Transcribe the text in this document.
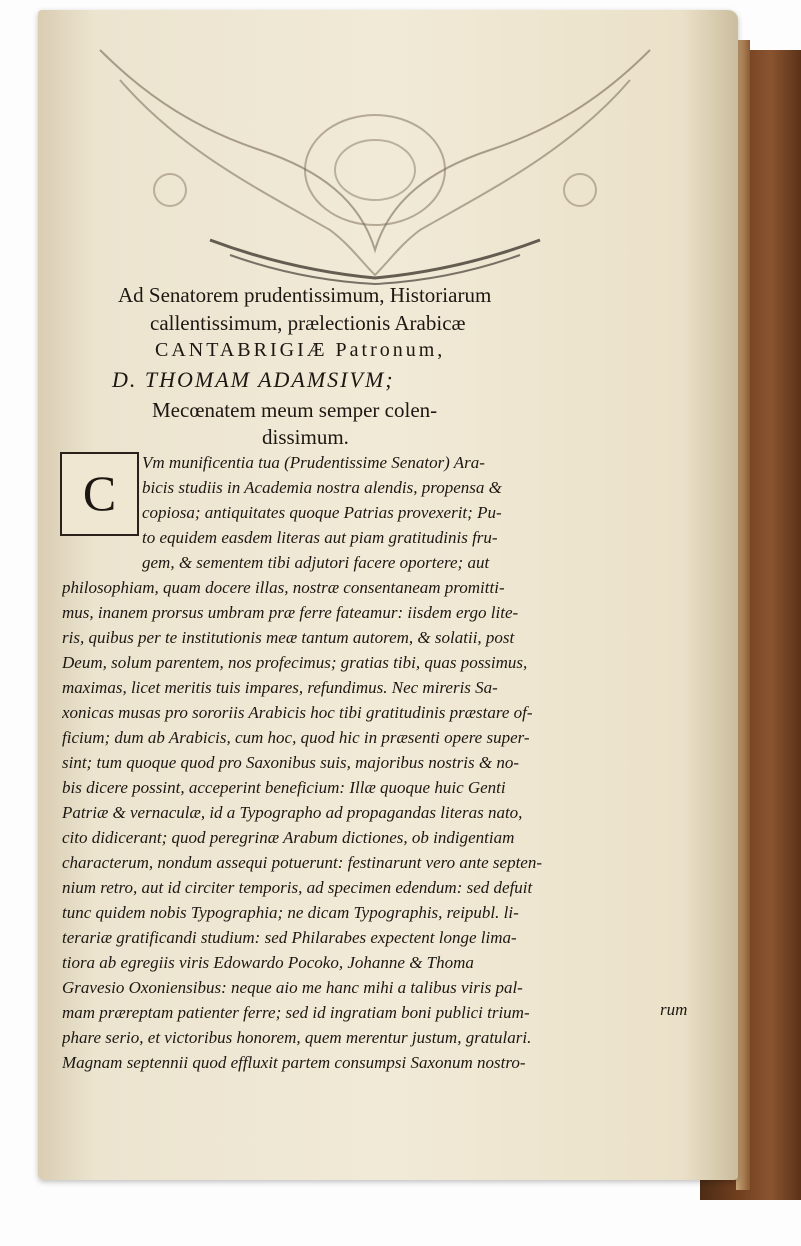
Ad Senatorem prudentissimum, Historiarum
callentissimum, prælectionis Arabicæ
CANTABRIGIÆ Patronum,
D. THOMAM ADAMSIVM;
Mecœnatem meum semper colen-
dissimum.
C
Vm munificentia tua (Prudentissime Senator) Ara-
bicis studiis in Academia nostra alendis, propensa &
copiosa; antiquitates quoque Patrias provexerit; Pu-
to equidem easdem literas aut piam gratitudinis fru-
gem, & sementem tibi adjutori facere oportere; aut
philosophiam, quam docere illas, nostræ consentaneam promitti-
mus, inanem prorsus umbram præ ferre fateamur: iisdem ergo lite-
ris, quibus per te institutionis meæ tantum autorem, & solatii, post
Deum, solum parentem, nos profecimus; gratias tibi, quas possimus,
maximas, licet meritis tuis impares, refundimus. Nec mireris Sa-
xonicas musas pro sororiis Arabicis hoc tibi gratitudinis præstare of-
ficium; dum ab Arabicis, cum hoc, quod hic in præsenti opere super-
sint; tum quoque quod pro Saxonibus suis, majoribus nostris & no-
bis dicere possint, acceperint beneficium: Illæ quoque huic Genti
Patriæ & vernaculæ, id a Typographo ad propagandas literas nato,
cito didicerant; quod peregrinæ Arabum dictiones, ob indigentiam
characterum, nondum assequi potuerunt: festinarunt vero ante septen-
nium retro, aut id circiter temporis, ad specimen edendum: sed defuit
tunc quidem nobis Typographia; ne dicam Typographis, reipubl. li-
terariæ gratificandi studium: sed Philarabes expectent longe lima-
tiora ab egregiis viris Edowardo Pocoko, Johanne & Thoma
Gravesio Oxoniensibus: neque aio me hanc mihi a talibus viris pal-
mam præreptam patienter ferre; sed id ingratiam boni publici trium-
phare serio, et victoribus honorem, quem merentur justum, gratulari.
Magnam septennii quod effluxit partem consumpsi Saxonum nostro-
rum
